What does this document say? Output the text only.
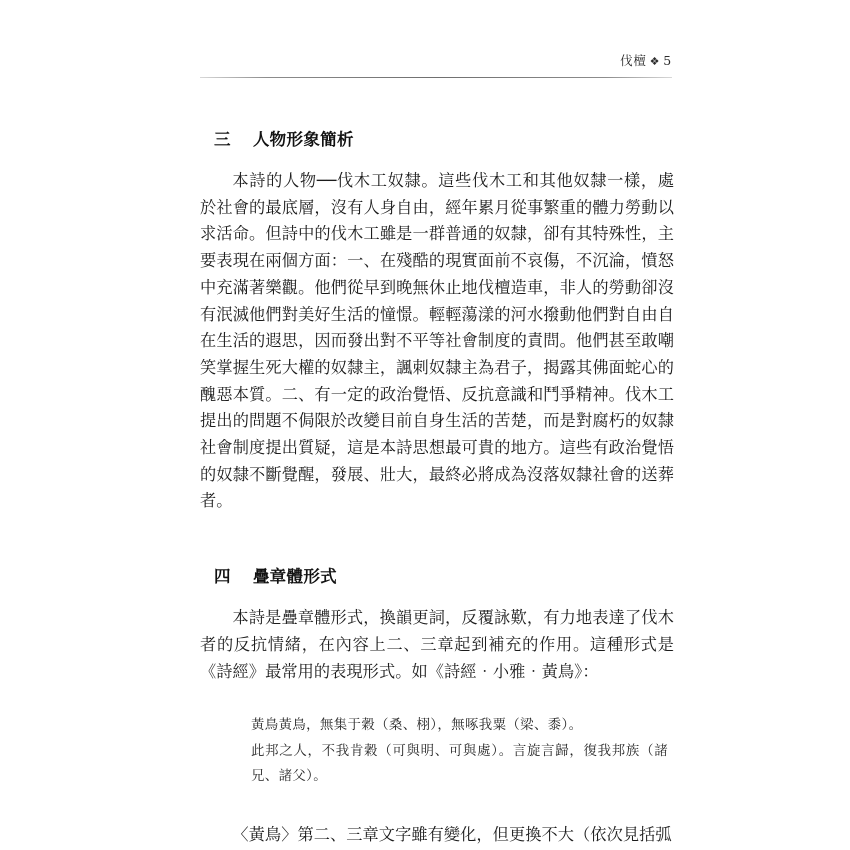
伐檀 ❖ 5
三 人物形象簡析

本詩的人物──伐木工奴隸。這些伐木工和其他奴隸一樣，處於社會的最底層，沒有人身自由，經年累月從事繁重的體力勞動以求活命。但詩中的伐木工雖是一群普通的奴隸，卻有其特殊性，主要表現在兩個方面：一、在殘酷的現實面前不哀傷，不沉淪，憤怒中充滿著樂觀。他們從早到晚無休止地伐檀造車，非人的勞動卻沒有泯滅他們對美好生活的憧憬。輕輕蕩漾的河水撥動他們對自由自在生活的遐思，因而發出對不平等社會制度的責問。他們甚至敢嘲笑掌握生死大權的奴隸主，諷刺奴隸主為君子，揭露其佛面蛇心的醜惡本質。二、有一定的政治覺悟、反抗意識和鬥爭精神。伐木工提出的問題不侷限於改變目前自身生活的苦楚，而是對腐朽的奴隸社會制度提出質疑，這是本詩思想最可貴的地方。這些有政治覺悟的奴隸不斷覺醒，發展、壯大，最終必將成為沒落奴隸社會的送葬者。

四 疊章體形式

本詩是疊章體形式，換韻更詞，反覆詠歎，有力地表達了伐木者的反抗情緒，在內容上二、三章起到補充的作用。這種形式是《詩經》最常用的表現形式。如《詩經‧小雅‧黃鳥》：

黃鳥黃鳥，無集于穀（桑、栩），無啄我粟（梁、黍）。

此邦之人，不我肯穀（可與明、可與處）。言旋言歸，復我邦族（諸兄、諸父）。

〈黃鳥〉第二、三章文字雖有變化，但更換不大（依次見括弧
